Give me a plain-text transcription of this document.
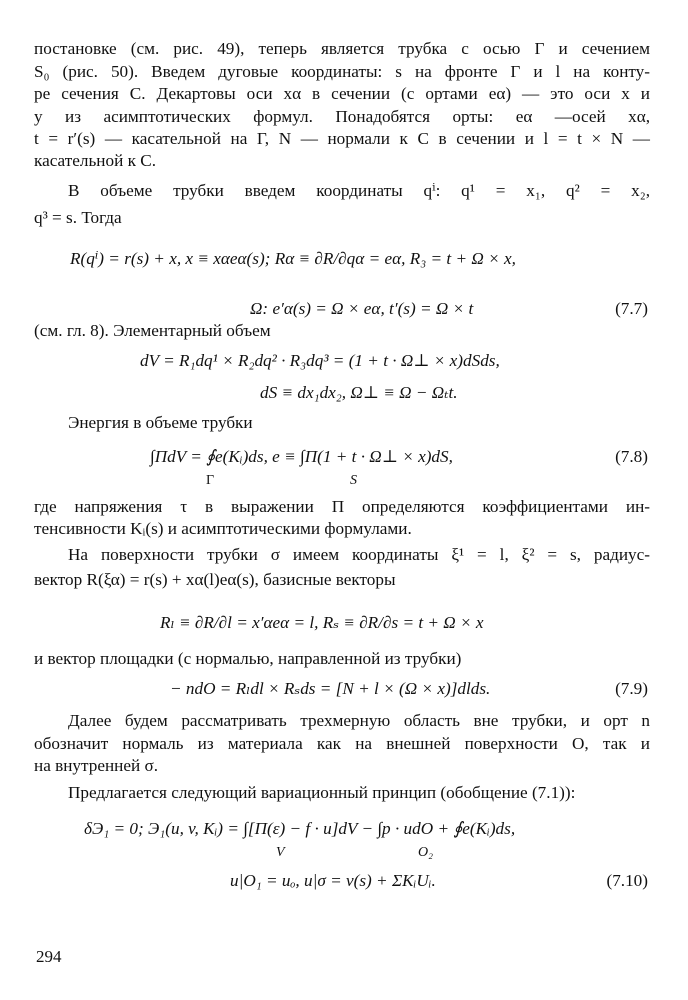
постановке (см. рис. 49), теперь является трубка с осью Γ и сечением
S₀ (рис. 50). Введем дуговые координаты: s на фронте Γ и l на конту-
ре сечения C. Декартовы оси xα в сечении (с ортами eα) — это оси x и
y из асимптотических формул. Понадобятся орты: eα —осей xα,
t = r′(s) — касательной на Γ, N — нормали к C в сечении и l = t × N —
касательной к C.
В объеме трубки введем координаты qⁱ: q¹ = x₁, q² = x₂,
q³ = s. Тогда
R(qⁱ) = r(s) + x, x ≡ xαeα(s); Rα ≡ ∂R/∂qα = eα, R₃ = t + Ω × x,
Ω: e′α(s) = Ω × eα, t′(s) = Ω × t	(7.7)
(см. гл. 8). Элементарный объем
dV = R₁dq¹ × R₂dq² · R₃dq³ = (1 + t · Ω⊥ × x)dSds,
dS ≡ dx₁dx₂, Ω⊥ ≡ Ω − Ωₜt.
Энергия в объеме трубки
∫ΠdV = ∮e(Kᵢ)ds, e ≡ ∫Π(1 + t · Ω⊥ × x)dS,
Γ	S
(7.8)
где напряжения τ в выражении Π определяются коэффициентами ин-
тенсивности Kᵢ(s) и асимптотическими формулами.
На поверхности трубки σ имеем координаты ξ¹ = l, ξ² = s, радиус-
вектор R(ξα) = r(s) + xα(l)eα(s), базисные векторы
Rₗ ≡ ∂R/∂l = x′αeα = l, Rₛ ≡ ∂R/∂s = t + Ω × x
и вектор площадки (с нормалью, направленной из трубки)
− ndO = Rₗdl × Rₛds = [N + l × (Ω × x)]dlds.	(7.9)
Далее будем рассматривать трехмерную область вне трубки, и орт n
обозначит нормаль из материала как на внешней поверхности O, так и
на внутренней σ.
Предлагается следующий вариационный принцип (обобщение (7.1)):
δЭ₁ = 0; Э₁(u, v, Kᵢ) = ∫[Π(ε) − f · u]dV − ∫p · udO + ∮e(Kᵢ)ds,
V	O₂
u|O₁ = uₒ, u|σ = v(s) + ΣKᵢUᵢ.	(7.10)
294
